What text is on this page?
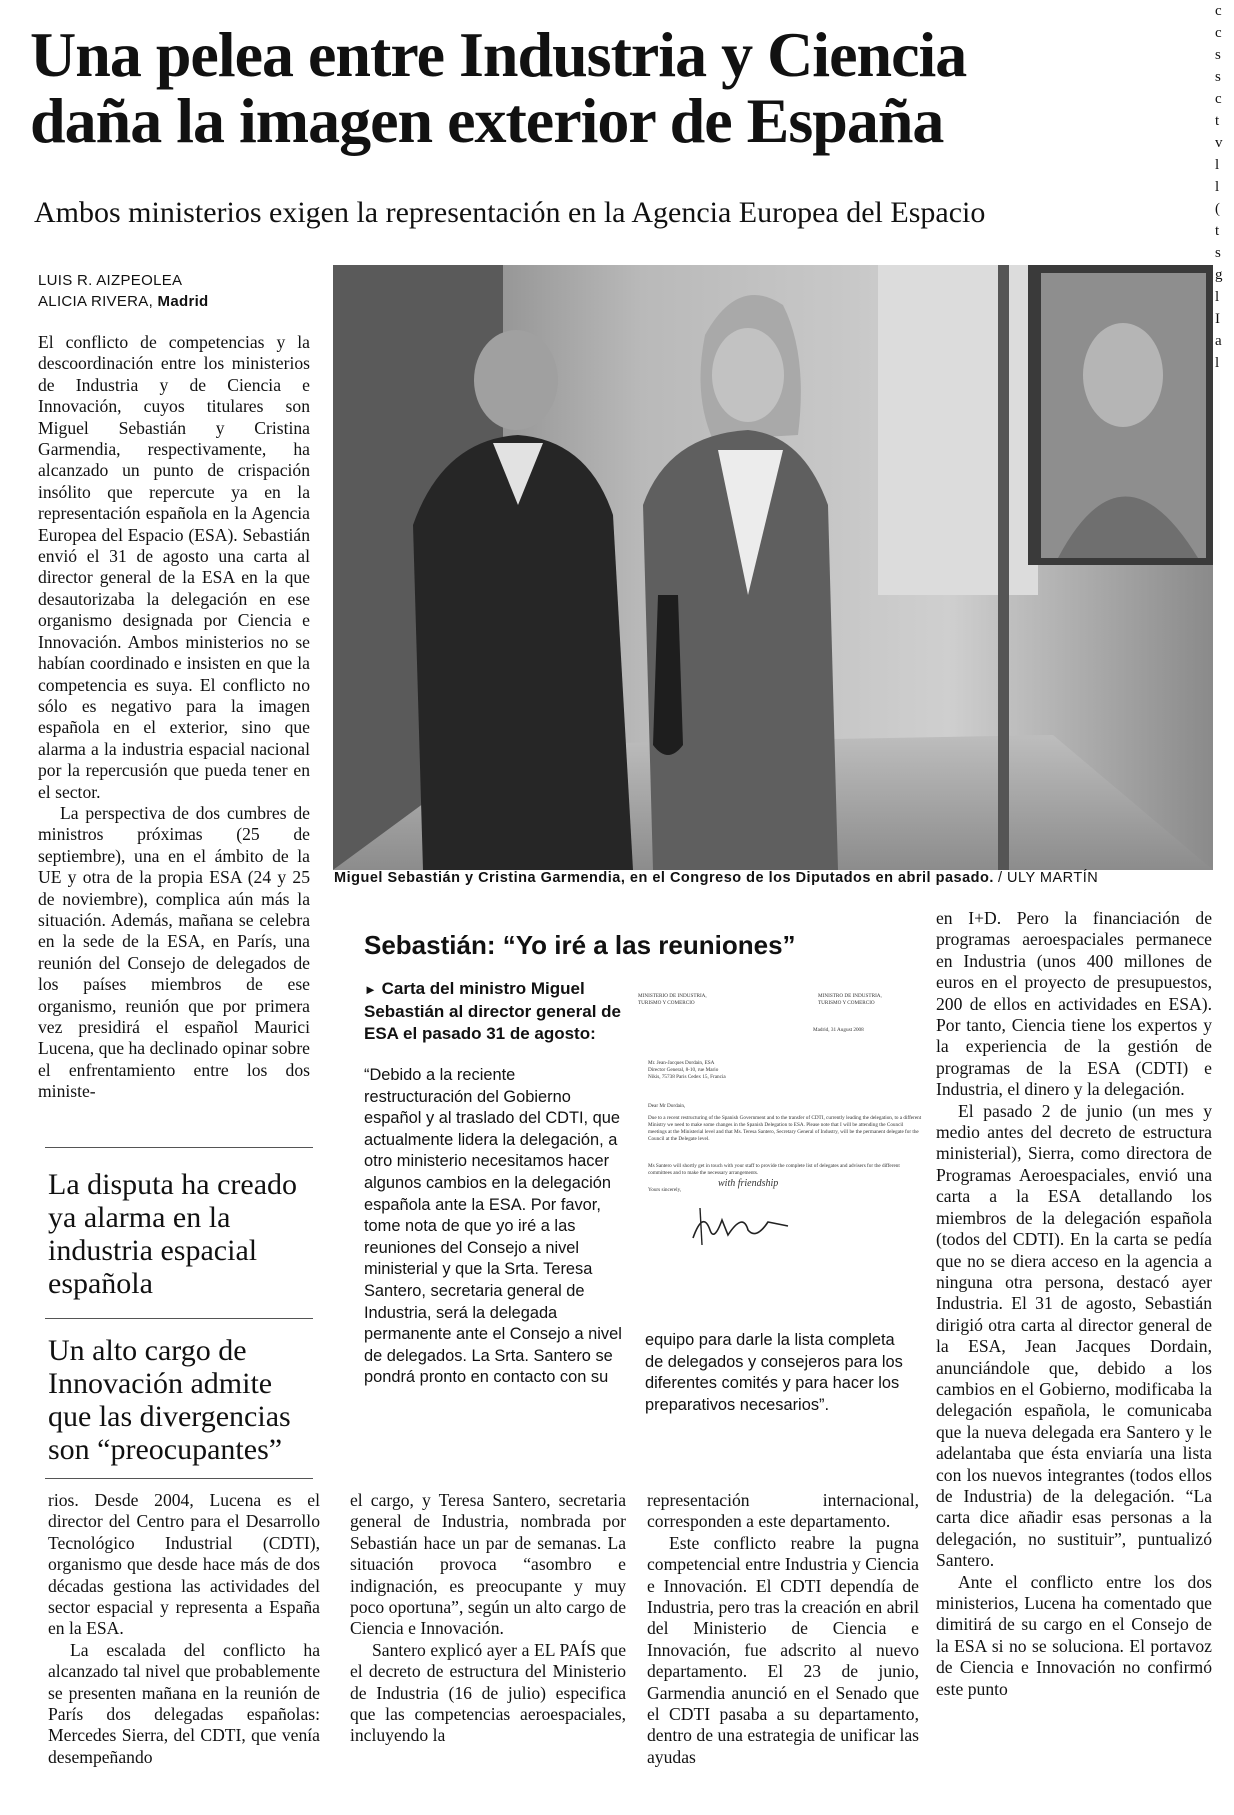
Una pelea entre Industria y Ciencia
daña la imagen exterior de España
Ambos ministerios exigen la representación en la Agencia Europea del Espacio
LUIS R. AIZPEOLEA
ALICIA RIVERA, Madrid

El conflicto de competencias y la descoordinación entre los ministerios de Industria y de Ciencia e Innovación, cuyos titulares son Miguel Sebastián y Cristina Garmendia, respectivamente, ha alcanzado un punto de crispación insólito que repercute ya en la representación española en la Agencia Europea del Espacio (ESA). Sebastián envió el 31 de agosto una carta al director general de la ESA en la que desautorizaba la delegación en ese organismo designada por Ciencia e Innovación. Ambos ministerios no se habían coordinado e insisten en que la competencia es suya. El conflicto no sólo es negativo para la imagen española en el exterior, sino que alarma a la industria espacial nacional por la repercusión que pueda tener en el sector.

La perspectiva de dos cumbres de ministros próximas (25 de septiembre), una en el ámbito de la UE y otra de la propia ESA (24 y 25 de noviembre), complica aún más la situación. Además, mañana se celebra en la sede de la ESA, en París, una reunión del Consejo de delegados de los países miembros de ese organismo, reunión que por primera vez presidirá el español Maurici Lucena, que ha declinado opinar sobre el enfrentamiento entre los dos ministe-

La disputa ha creado ya alarma en la industria espacial española
Un alto cargo de Innovación admite que las divergencias son “preocupantes”
Miguel Sebastián y Cristina Garmendia, en el Congreso de los Diputados en abril pasado. / ULY MARTÍN
Sebastián: “Yo iré a las reuniones”
► Carta del ministro Miguel Sebastián al director general de ESA el pasado 31 de agosto:
“Debido a la reciente restructuración del Gobierno español y al traslado del CDTI, que actualmente lidera la delegación, a otro ministerio necesitamos hacer algunos cambios en la delegación española ante la ESA. Por favor, tome nota de que yo iré a las reuniones del Consejo a nivel ministerial y que la Srta. Teresa Santero, secretaria general de Industria, será la delegada permanente ante el Consejo a nivel de delegados. La Srta. Santero se pondrá pronto en contacto con su
equipo para darle la lista completa de delegados y consejeros para los diferentes comités y para hacer los preparativos necesarios”.
MINISTERIO DE INDUSTRIA, TURISMO Y COMERCIO
MINISTRO DE INDUSTRIA, TURISMO Y COMERCIO
Madrid, 31 August 2008
Mr. Jean-Jacques Dordain, ESA Director General, 8-10, rue Mario Nikis, 75738 Paris Cedex 15, Francia
Dear Mr Dordain,
Due to a recent restructuring of the Spanish Government and to the transfer of CDTI, currently leading the delegation, to a different Ministry we need to make some changes in the Spanish Delegation to ESA. Please note that I will be attending the Council meetings at the Ministerial level and that Ms. Teresa Santero, Secretary General of Industry, will be the permanent delegate for the Council at the Delegate level.
Ms Santero will shortly get in touch with your staff to provide the complete list of delegates and advisers for the different committees and to make the necessary arrangements.
Yours sincerely,
with friendship

rios. Desde 2004, Lucena es el director del Centro para el Desarrollo Tecnológico Industrial (CDTI), organismo que desde hace más de dos décadas gestiona las actividades del sector espacial y representa a España en la ESA.

La escalada del conflicto ha alcanzado tal nivel que probablemente se presenten mañana en la reunión de París dos delegadas españolas: Mercedes Sierra, del CDTI, que venía desempeñando

el cargo, y Teresa Santero, secretaria general de Industria, nombrada por Sebastián hace un par de semanas. La situación provoca “asombro e indignación, es preocupante y muy poco oportuna”, según un alto cargo de Ciencia e Innovación.

Santero explicó ayer a EL PAÍS que el decreto de estructura del Ministerio de Industria (16 de julio) especifica que las competencias aeroespaciales, incluyendo la

representación internacional, corresponden a este departamento.

Este conflicto reabre la pugna competencial entre Industria y Ciencia e Innovación. El CDTI dependía de Industria, pero tras la creación en abril del Ministerio de Ciencia e Innovación, fue adscrito al nuevo departamento. El 23 de junio, Garmendia anunció en el Senado que el CDTI pasaba a su departamento, dentro de una estrategia de unificar las ayudas

en I+D. Pero la financiación de programas aeroespaciales permanece en Industria (unos 400 millones de euros en el proyecto de presupuestos, 200 de ellos en actividades en ESA). Por tanto, Ciencia tiene los expertos y la experiencia de la gestión de programas de la ESA (CDTI) e Industria, el dinero y la delegación.

El pasado 2 de junio (un mes y medio antes del decreto de estructura ministerial), Sierra, como directora de Programas Aeroespaciales, envió una carta a la ESA detallando los miembros de la delegación española (todos del CDTI). En la carta se pedía que no se diera acceso en la agencia a ninguna otra persona, destacó ayer Industria. El 31 de agosto, Sebastián dirigió otra carta al director general de la ESA, Jean Jacques Dordain, anunciándole que, debido a los cambios en el Gobierno, modificaba la delegación española, le comunicaba que la nueva delegada era Santero y le adelantaba que ésta enviaría una lista con los nuevos integrantes (todos ellos de Industria) de la delegación. “La carta dice añadir esas personas a la delegación, no sustituir”, puntualizó Santero.

Ante el conflicto entre los dos ministerios, Lucena ha comentado que dimitirá de su cargo en el Consejo de la ESA si no se soluciona. El portavoz de Ciencia e Innovación no confirmó este punto

c
c
s
s
c
t
v
l
l
(
t
s
g
l
I
a
l
